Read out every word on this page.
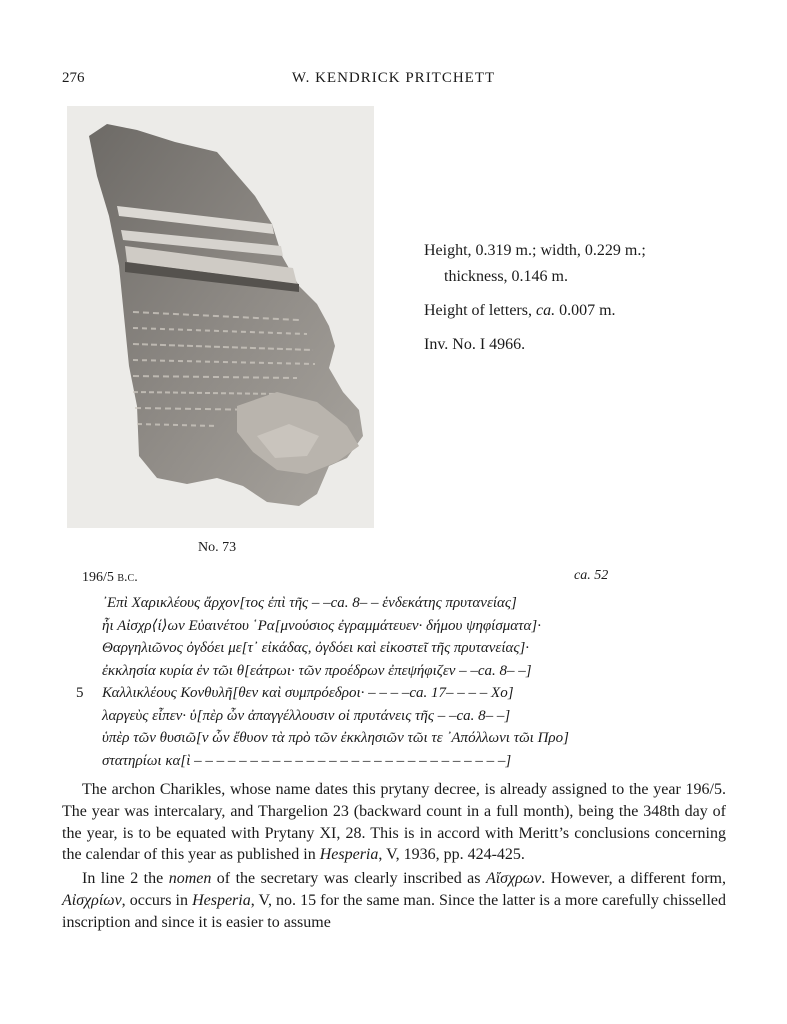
276	W. KENDRICK PRITCHETT
No. 73
Height, 0.319 m.; width, 0.229 m.;
thickness, 0.146 m.
Height of letters, ca. 0.007 m.
Inv. No. I 4966.
196/5 b.c.	ca. 52
᾿Επὶ Χαρικλέους ἄρχον[τος ἐπὶ τῆς – –ca. 8– – ἑνδεκάτης πρυτανείας]
ἧι Αἰσχρ⟨ί⟩ων Εὐαινέτου ῾Ρα[μνούσιος ἐγραμμάτευεν· δήμου ψηφίσματα]·
Θαργηλιῶνος ὀγδόει με[τ᾿ εἰκάδας, ὀγδόει καὶ εἰκοστεῖ τῆς πρυτανείας]·
ἐκκλησία κυρία ἐν τῶι θ[εάτρωι· τῶν προέδρων ἐπεψήφιζεν – –ca. 8– –]
5 Καλλικλέους Κονθυλῆ[θεν καὶ συμπρόεδροι· – – – –ca. 17– – – – Χο]
λαργεὺς εἶπεν· ὑ[πὲρ ὧν ἀπαγγέλλουσιν οἱ πρυτάνεις τῆς – –ca. 8– –]
ὑπὲρ τῶν θυσιῶ[ν ὧν ἔθυον τὰ πρὸ τῶν ἐκκλησιῶν τῶι τε ᾿Απόλλωνι τῶι Προ]
στατηρίωι κα[ὶ – – – – – – – – – – – – – – – – – – – – – – – – – – – –]

The archon Charikles, whose name dates this prytany decree, is already assigned to the year 196/5. The year was intercalary, and Thargelion 23 (backward count in a full month), being the 348th day of the year, is to be equated with Prytany XI, 28. This is in accord with Meritt’s conclusions concerning the calendar of this year as published in Hesperia, V, 1936, pp. 424-425.

In line 2 the nomen of the secretary was clearly inscribed as Αἴσχρων. However, a different form, Αἰσχρίων, occurs in Hesperia, V, no. 15 for the same man. Since the latter is a more carefully chisselled inscription and since it is easier to assume
